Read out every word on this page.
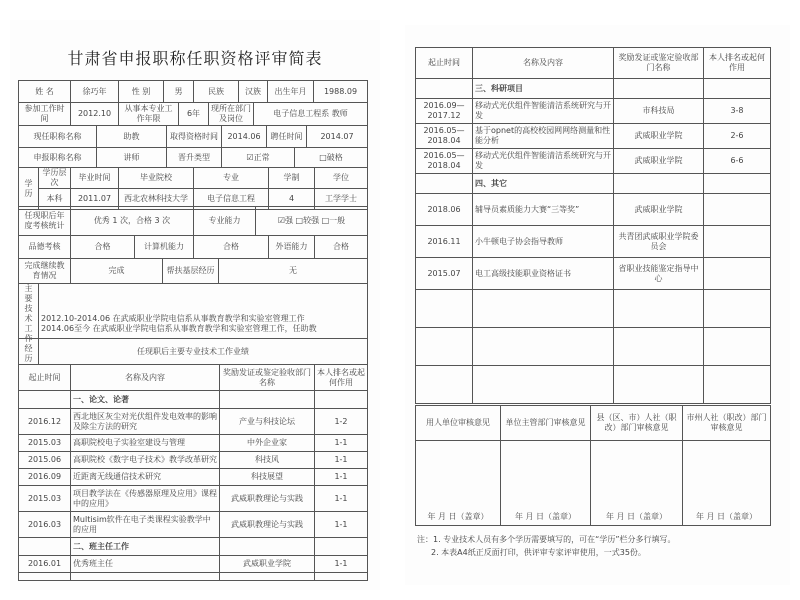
甘肃省申报职称任职资格评审简表
姓 名	徐巧年	性 别	男	民族	汉族	出生年月	1988.09
参加工作时间	2012.10	从事本专业工作年限	6年	现所在部门及岗位	电子信息工程系 教师
现任职称名称	助教	取得资格时间	2014.06	聘任时间	2014.07
申报职称名称	讲师	晋升类型	☑正常	□破格
学历	学历层次	毕业时间	毕业院校	专业	学制	学位
	本科	2011.07	西北农林科技大学	电子信息工程	4	工学学士
任现职后年度考核统计	优秀 1 次，合格 3 次	专业能力	☑强 □较强 □一般
品德考核	合格	计算机能力	合格	外语能力	合格
完成继续教育情况	完成	帮扶基层经历	无
主要技术工作经历	2012.10-2014.06 在武威职业学院电信系从事教育教学和实验室管理工作
2014.06至今 在武威职业学院电信系从事教育教学和实验室管理工作，任助教
任现职后主要专业技术工作业绩			
起止时间	名称及内容	奖励发证或鉴定验收部门名称	本人排名或起何作用
	一、论文、论著		
2016.12	西北地区灰尘对光伏组件发电效率的影响及除尘方法的研究	产业与科技论坛	1-2
2015.03	高职院校电子实验室建设与管理	中外企业家	1-1
2015.06	高职院校《数字电子技术》教学改革研究	科技风	1-1
2016.09	近距离无线通信技术研究	科技展望	1-1
2015.03	项目教学法在《传感器原理及应用》课程中的应用》	武威职教理论与实践	1-1
2016.03	Multisim软件在电子类课程实验教学中的应用	武威职教理论与实践	1-1
	二、班主任工作		
2016.01	优秀班主任	武威职业学院	1-1

起止时间	名称及内容	奖励发证或鉴定验收部门名称	本人排名或起何作用
	三、科研项目		
2016.09—2017.12	移动式光伏组件智能清洁系统研究与开发	市科技局	3-8
2016.05—2018.04	基于opnet的高校校园网网络测量和性能分析	武威职业学院	2-6
2016.05—2018.04	移动式光伏组件智能清洁系统研究与开发	武威职业学院	6-6
	四、其它		
2018.06	辅导员素质能力大赛“三等奖”	武威职业学院	
2016.11	小牛顿电子协会指导教师	共青团武威职业学院委员会	
2015.07	电工高级技能职业资格证书	省职业技能鉴定指导中心	

用人单位审核意见	单位主管部门审核意见	县（区、市）人社（职改）部门审核意见	市州人社（职改）部门审核意见
年 月 日（盖章）	年 月 日（盖章）	年 月 日（盖章）	年 月 日（盖章）
注：1. 专业技术人员有多个学历需要填写的，可在“学历”栏分多行填写。
2. 本表A4纸正反面打印，供评审专家评审使用，一式35份。
